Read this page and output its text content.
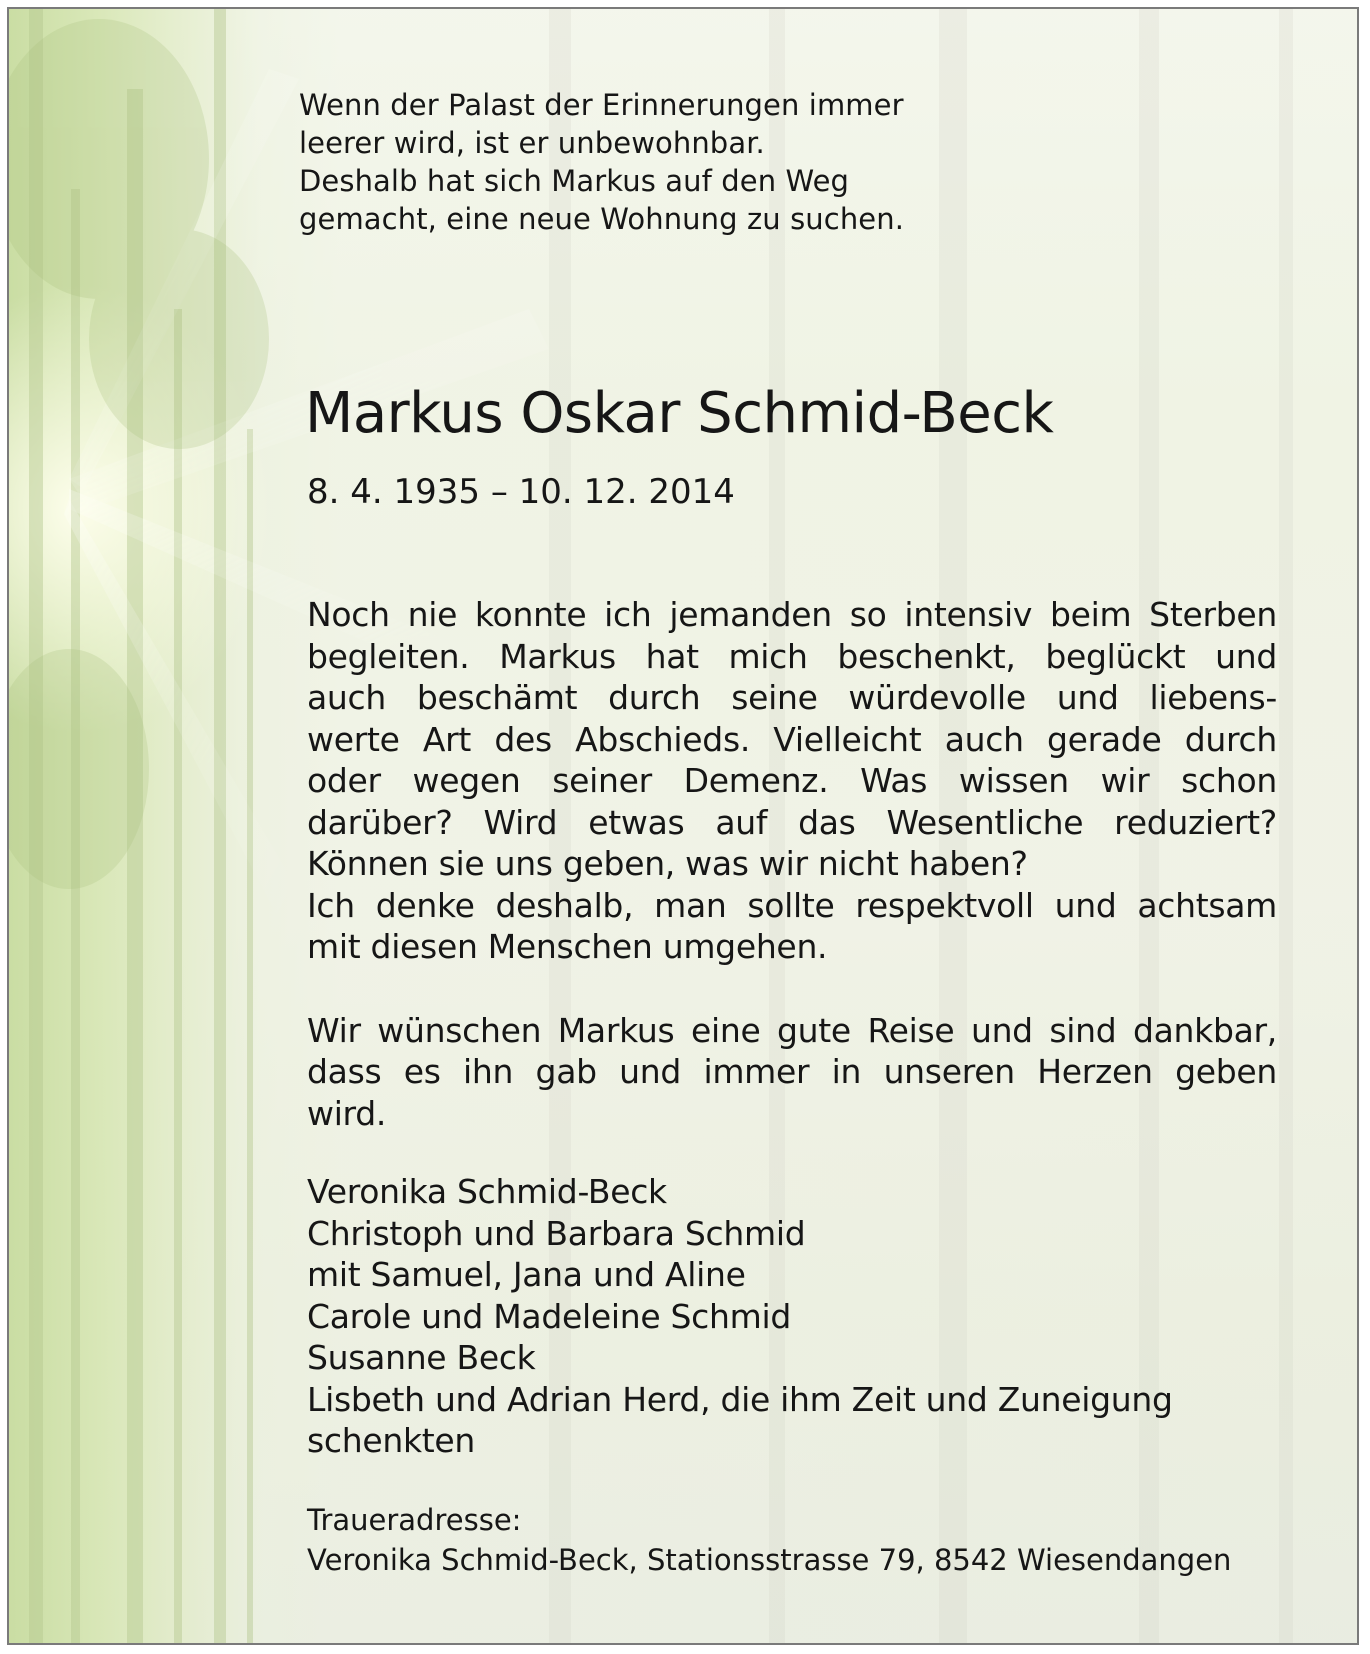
Wenn der Palast der Erinnerungen immer
leerer wird, ist er unbewohnbar.
Deshalb hat sich Markus auf den Weg
gemacht, eine neue Wohnung zu suchen.

Markus Oskar Schmid-Beck

8. 4. 1935 – 10. 12. 2014

Noch nie konnte ich jemanden so intensiv beim Sterben
begleiten. Markus hat mich beschenkt, beglückt und
auch beschämt durch seine würdevolle und liebens-
werte Art des Abschieds. Vielleicht auch gerade durch
oder wegen seiner Demenz. Was wissen wir schon
darüber? Wird etwas auf das Wesentliche reduziert?
Können sie uns geben, was wir nicht haben?
Ich denke deshalb, man sollte respektvoll und achtsam
mit diesen Menschen umgehen.
Wir wünschen Markus eine gute Reise und sind dankbar,
dass es ihn gab und immer in unseren Herzen geben
wird.
Veronika Schmid-Beck
Christoph und Barbara Schmid
mit Samuel, Jana und Aline
Carole und Madeleine Schmid
Susanne Beck
Lisbeth und Adrian Herd, die ihm Zeit und Zuneigung
schenkten

Traueradresse:

Veronika Schmid-Beck, Stationsstrasse 79, 8542 Wiesendangen
